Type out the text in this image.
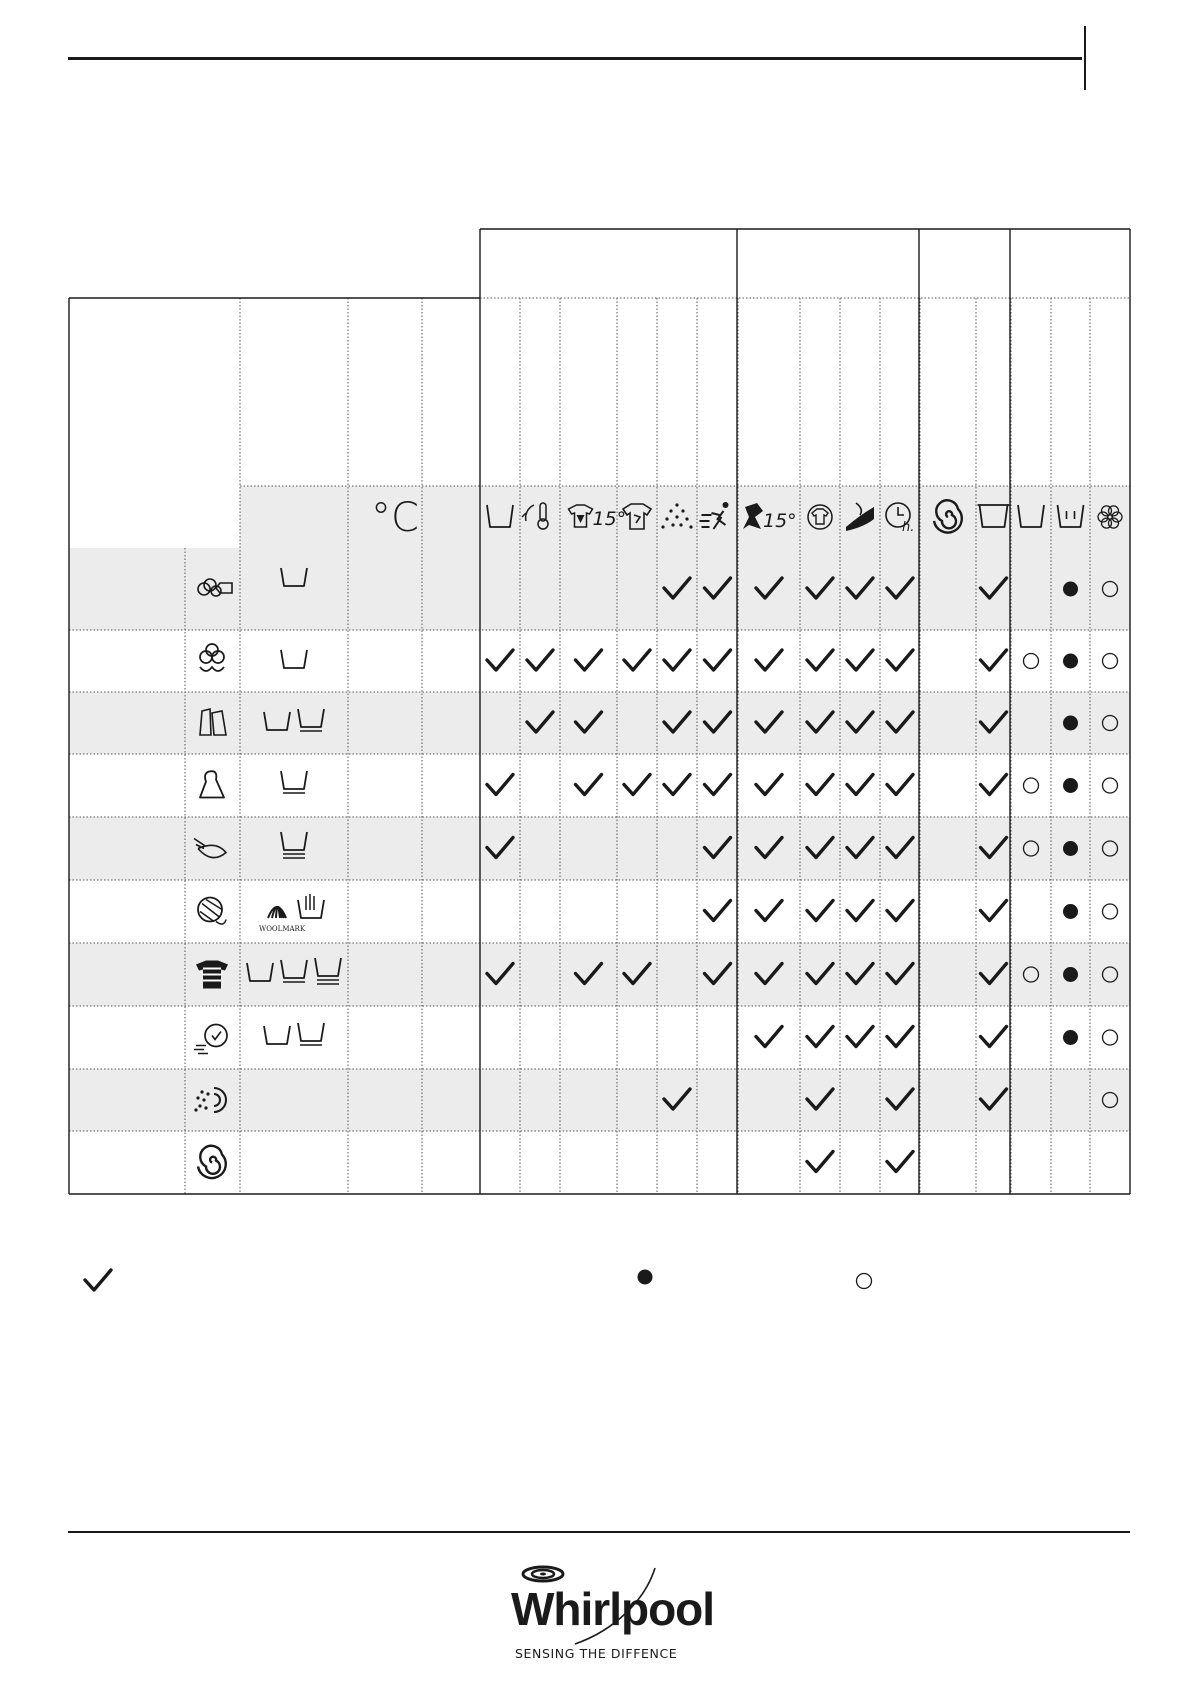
WOOLMARK
15°	15°	h.
°C
Whirlpool
SENSING THE DIFFENCE
